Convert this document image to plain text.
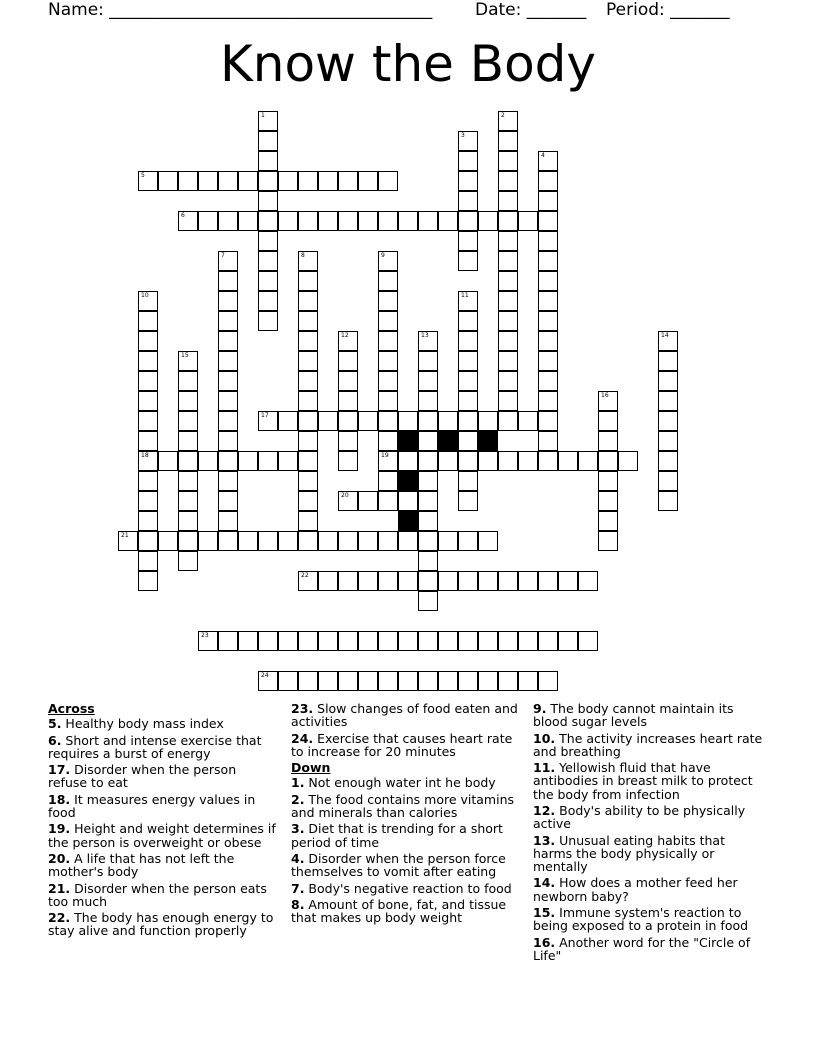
Name: ______________________________________	Date: _______ Period: _______
Know the Body
1	2
3
4
5
6
7	8	9
19
10
18
11
12	13	14
15
16
17
20
21
22
23
24
Across
5. Healthy body mass index
6. Short and intense exercise that requires a burst of energy
17. Disorder when the person refuse to eat
18. It measures energy values in food
19. Height and weight determines if the person is overweight or obese
20. A life that has not left the mother's body
21. Disorder when the person eats too much
22. The body has enough energy to stay alive and function properly
23. Slow changes of food eaten and activities
24. Exercise that causes heart rate to increase for 20 minutes
Down
1. Not enough water int he body
2. The food contains more vitamins and minerals than calories
3. Diet that is trending for a short period of time
4. Disorder when the person force themselves to vomit after eating
7. Body's negative reaction to food
8. Amount of bone, fat, and tissue that makes up body weight
9. The body cannot maintain its blood sugar levels
10. The activity increases heart rate and breathing
11. Yellowish fluid that have antibodies in breast milk to protect the body from infection
12. Body's ability to be physically active
13. Unusual eating habits that harms the body physically or mentally
14. How does a mother feed her newborn baby?
15. Immune system's reaction to being exposed to a protein in food
16. Another word for the "Circle of Life"
